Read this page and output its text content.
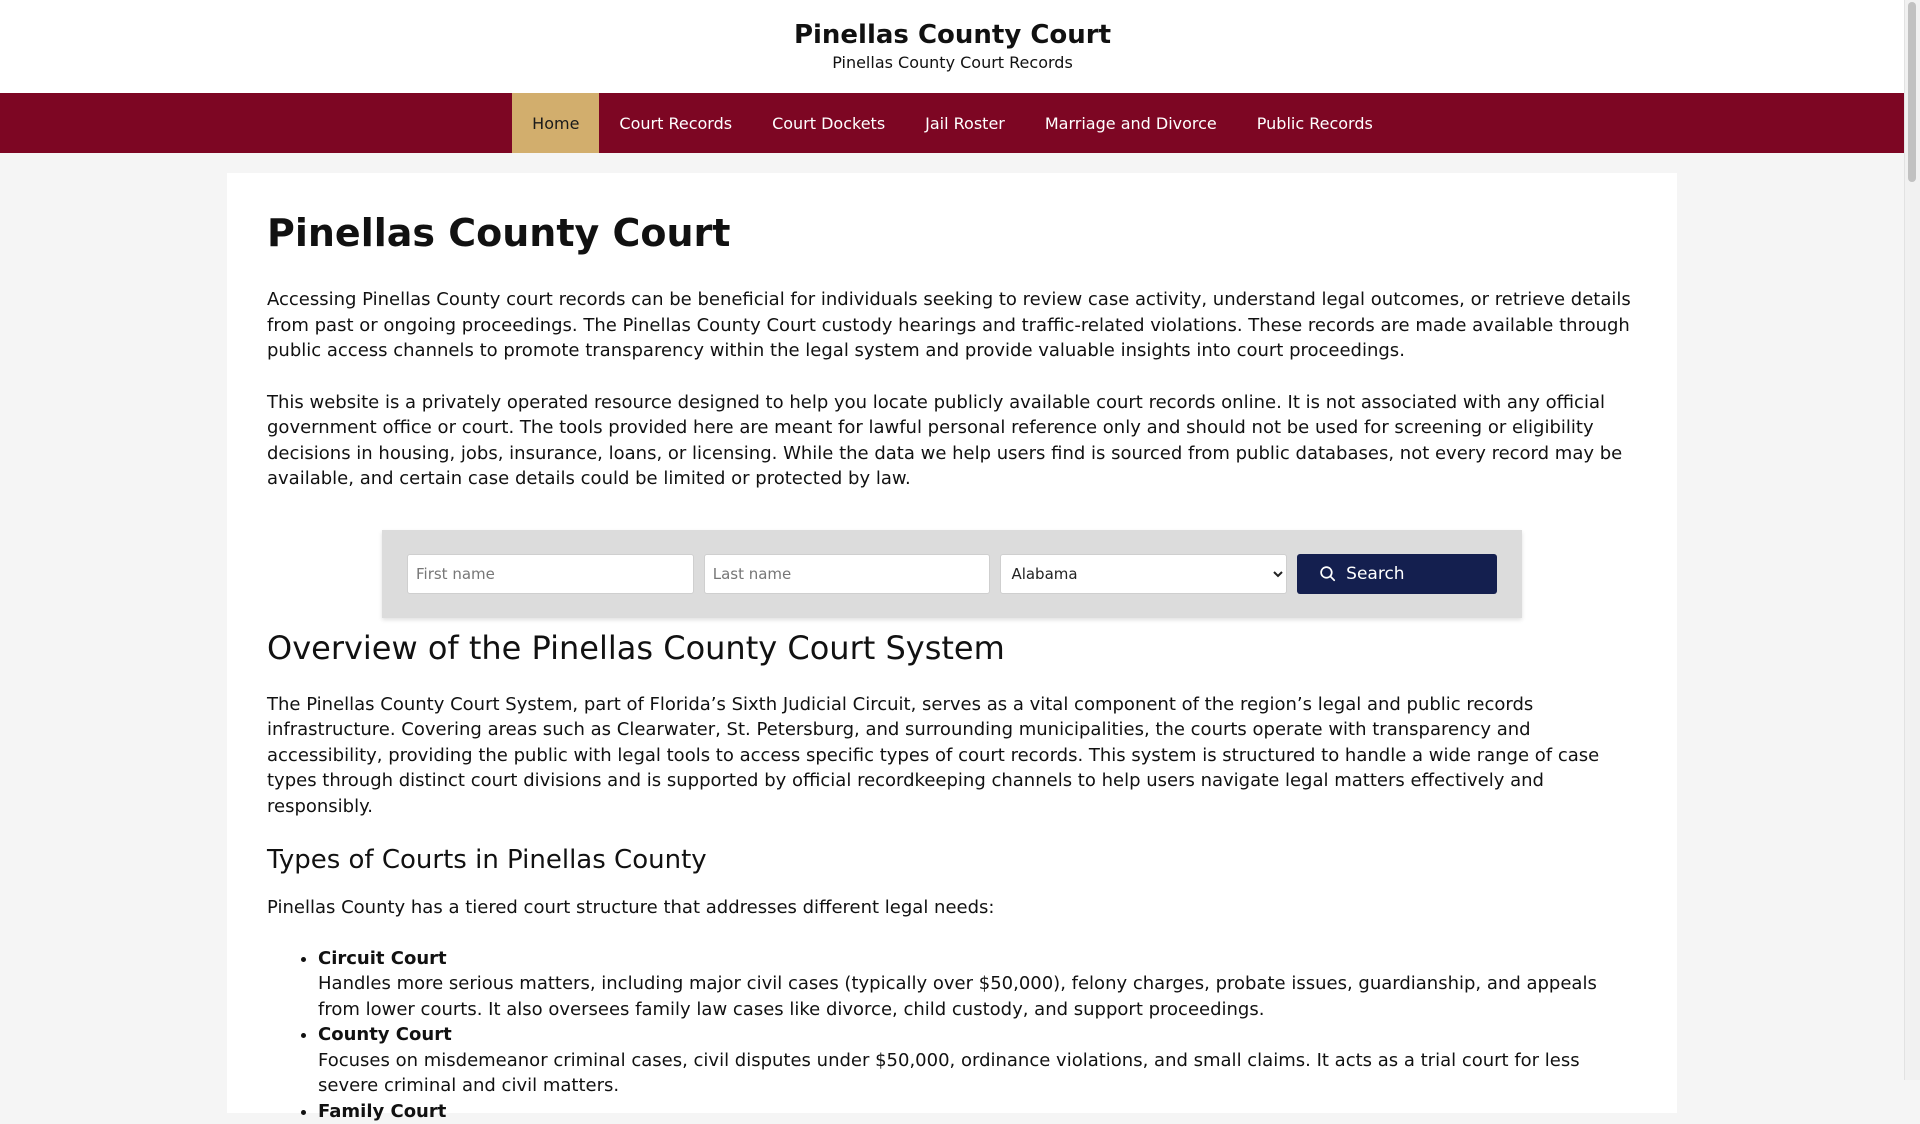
Pinellas County Court
Pinellas County Court Records
Home	Court Records	Court Dockets	Jail Roster	Marriage and Divorce	Public Records
Pinellas County Court

Accessing Pinellas County court records can be beneficial for individuals seeking to review case activity, understand legal outcomes, or retrieve details from past or ongoing proceedings. The Pinellas County Court custody hearings and traffic-related violations. These records are made available through public access channels to promote transparency within the legal system and provide valuable insights into court proceedings.

This website is a privately operated resource designed to help you locate publicly available court records online. It is not associated with any official government office or court. The tools provided here are meant for lawful personal reference only and should not be used for screening or eligibility decisions in housing, jobs, insurance, loans, or licensing. While the data we help users find is sourced from public databases, not every record may be available, and certain case details could be limited or protected by law.

First name
Last name
Alabama
Search
Overview of the Pinellas County Court System

The Pinellas County Court System, part of Florida’s Sixth Judicial Circuit, serves as a vital component of the region’s legal and public records infrastructure. Covering areas such as Clearwater, St. Petersburg, and surrounding municipalities, the courts operate with transparency and accessibility, providing the public with legal tools to access specific types of court records. This system is structured to handle a wide range of case types through distinct court divisions and is supported by official recordkeeping channels to help users navigate legal matters effectively and responsibly.

Types of Courts in Pinellas County

Pinellas County has a tiered court structure that addresses different legal needs:

• Circuit Court
Handles more serious matters, including major civil cases (typically over $50,000), felony charges, probate issues, guardianship, and appeals from lower courts. It also oversees family law cases like divorce, child custody, and support proceedings.
• County Court
Focuses on misdemeanor criminal cases, civil disputes under $50,000, ordinance violations, and small claims. It acts as a trial court for less severe criminal and civil matters.
• Family Court
